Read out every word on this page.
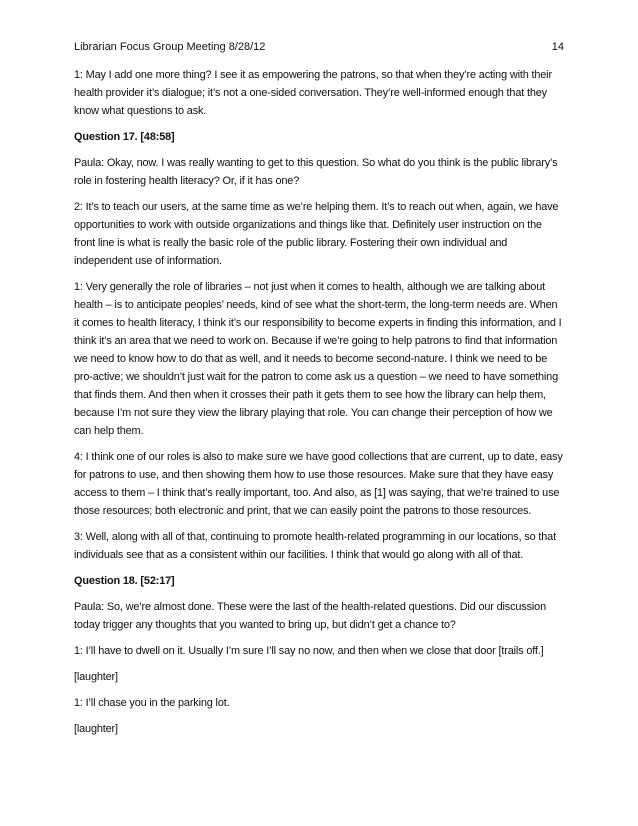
Librarian Focus Group Meeting 8/28/12	14

1: May I add one more thing? I see it as empowering the patrons, so that when they’re acting with their health provider it’s dialogue; it’s not a one-sided conversation. They’re well-informed enough that they know what questions to ask.

Question 17. [48:58]

Paula: Okay, now. I was really wanting to get to this question. So what do you think is the public library’s role in fostering health literacy? Or, if it has one?

2: It’s to teach our users, at the same time as we’re helping them. It’s to reach out when, again, we have opportunities to work with outside organizations and things like that. Definitely user instruction on the front line is what is really the basic role of the public library. Fostering their own individual and independent use of information.

1: Very generally the role of libraries – not just when it comes to health, although we are talking about health – is to anticipate peoples’ needs, kind of see what the short-term, the long-term needs are. When it comes to health literacy, I think it’s our responsibility to become experts in finding this information, and I think it’s an area that we need to work on. Because if we’re going to help patrons to find that information we need to know how to do that as well, and it needs to become second-nature. I think we need to be pro-active; we shouldn’t just wait for the patron to come ask us a question – we need to have something that finds them. And then when it crosses their path it gets them to see how the library can help them, because I’m not sure they view the library playing that role. You can change their perception of how we can help them.

4: I think one of our roles is also to make sure we have good collections that are current, up to date, easy for patrons to use, and then showing them how to use those resources. Make sure that they have easy access to them – I think that’s really important, too. And also, as [1] was saying, that we’re trained to use those resources; both electronic and print, that we can easily point the patrons to those resources.

3: Well, along with all of that, continuing to promote health-related programming in our locations, so that individuals see that as a consistent within our facilities. I think that would go along with all of that.

Question 18. [52:17]

Paula: So, we’re almost done. These were the last of the health-related questions. Did our discussion today trigger any thoughts that you wanted to bring up, but didn’t get a chance to?

1: I’ll have to dwell on it. Usually I’m sure I’ll say no now, and then when we close that door [trails off.]

[laughter]

1: I’ll chase you in the parking lot.

[laughter]
